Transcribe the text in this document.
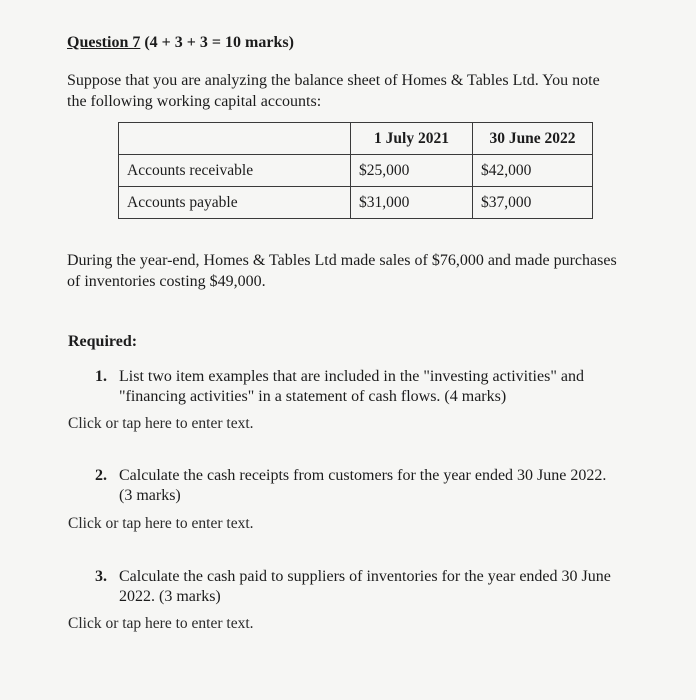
Question 7 (4 + 3 + 3 = 10 marks)
Suppose that you are analyzing the balance sheet of Homes & Tables Ltd. You note
the following working capital accounts:
	1 July 2021	30 June 2022
Accounts receivable	$25,000	$42,000
Accounts payable	$31,000	$37,000
During the year-end, Homes & Tables Ltd made sales of $76,000 and made purchases
of inventories costing $49,000.
Required:
1. List two item examples that are included in the "investing activities" and
"financing activities" in a statement of cash flows. (4 marks)
Click or tap here to enter text.
2. Calculate the cash receipts from customers for the year ended 30 June 2022.
(3 marks)
Click or tap here to enter text.
3. Calculate the cash paid to suppliers of inventories for the year ended 30 June
2022. (3 marks)
Click or tap here to enter text.
